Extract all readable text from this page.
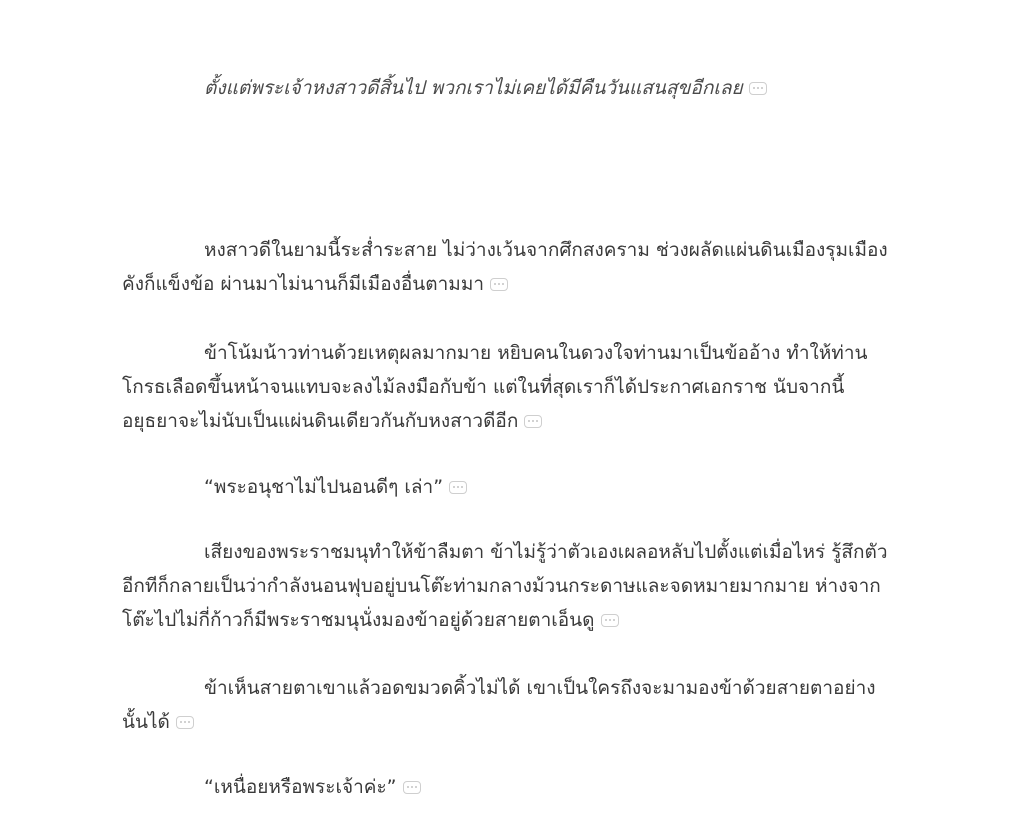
ตั้งแต่พระเจ้าหงสาวดีสิ้นไป พวกเราไม่เคยได้มีคืนวันแสนสุขอีกเลย

หงสาวดีในยามนี้ระส่ำระสาย ไม่ว่างเว้นจากศึกสงคราม ช่วงผลัดแผ่นดินเมืองรุมเมืองคังก็แข็งข้อ ผ่านมาไม่นานก็มีเมืองอื่นตามมา

ข้าโน้มน้าวท่านด้วยเหตุผลมากมาย หยิบคนในดวงใจท่านมาเป็นข้ออ้าง ทำให้ท่านโกรธเลือดขึ้นหน้าจนแทบจะลงไม้ลงมือกับข้า แต่ในที่สุดเราก็ได้ประกาศเอกราช นับจากนี้อยุธยาจะไม่นับเป็นแผ่นดินเดียวกันกับหงสาวดีอีก

“พระอนุชาไม่ไปนอนดีๆ เล่า”

เสียงของพระราชมนุทำให้ข้าลืมตา ข้าไม่รู้ว่าตัวเองเผลอหลับไปตั้งแต่เมื่อไหร่ รู้สึกตัวอีกทีก็กลายเป็นว่ากำลังนอนฟุบอยู่บนโต๊ะท่ามกลางม้วนกระดาษและจดหมายมากมาย ห่างจากโต๊ะไปไม่กี่ก้าวก็มีพระราชมนุนั่งมองข้าอยู่ด้วยสายตาเอ็นดู

ข้าเห็นสายตาเขาแล้วอดขมวดคิ้วไม่ได้ เขาเป็นใครถึงจะมามองข้าด้วยสายตาอย่างนั้นได้

“เหนื่อยหรือพระเจ้าค่ะ”
